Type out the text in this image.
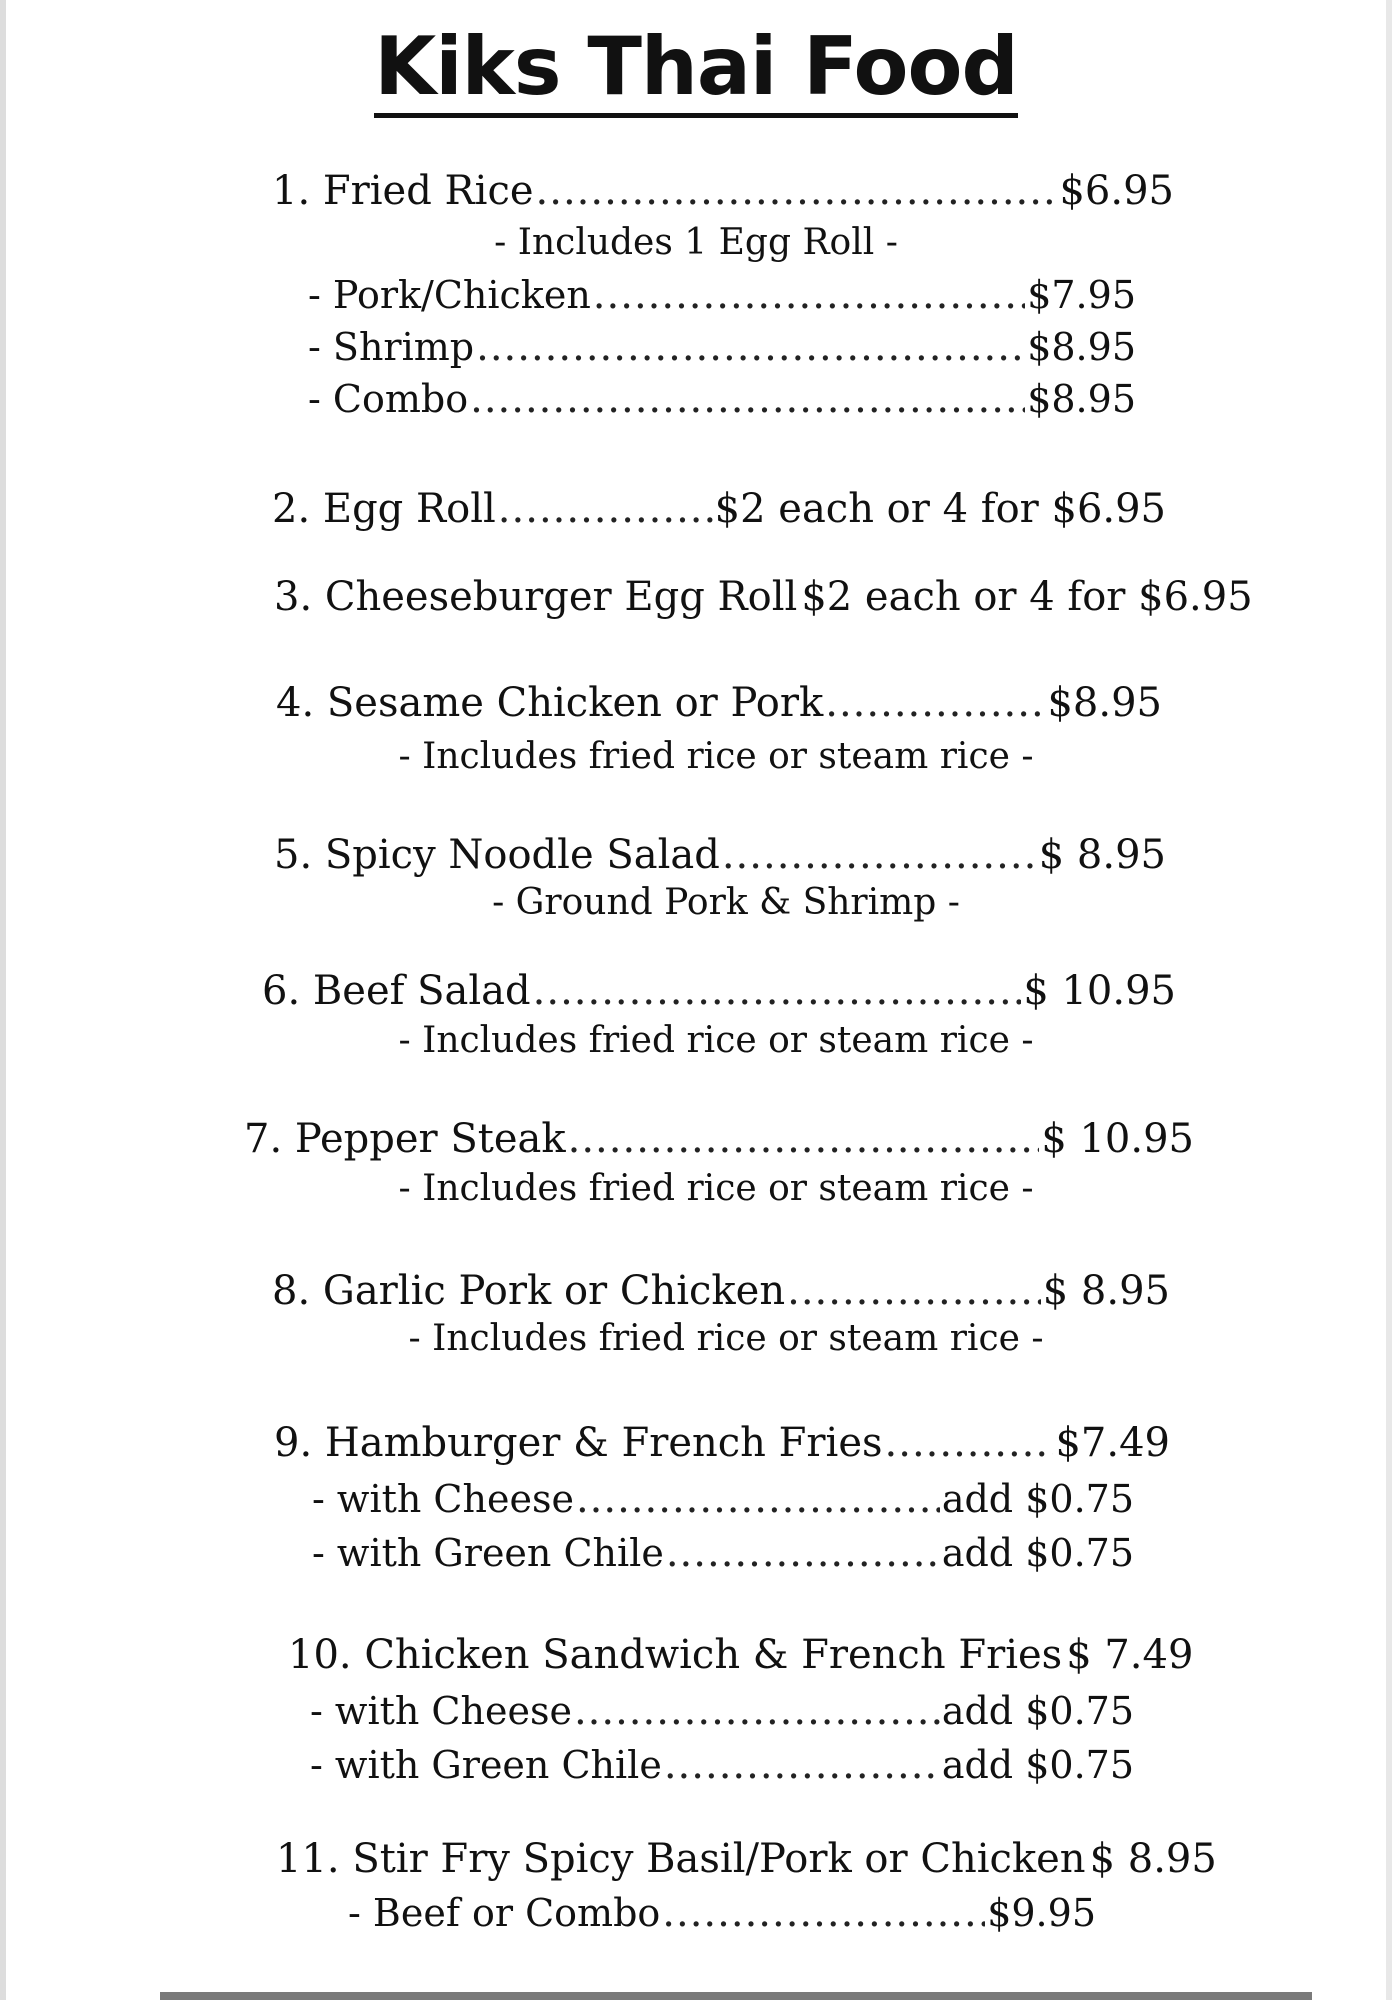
Kiks Thai Food
1. Fried Rice .....	$6.95
- Includes 1 Egg Roll -
- Pork/Chicken .....	$7.95
- Shrimp .....	$8.95
- Combo .....	$8.95
2. Egg Roll .....	$2 each or 4 for $6.95
3. Cheeseburger Egg Roll $2 each or 4 for $6.95
4. Sesame Chicken or Pork .....	$8.95
- Includes fried rice or steam rice -
5. Spicy Noodle Salad .....	$ 8.95
- Ground Pork & Shrimp -
6. Beef Salad .....	$ 10.95
- Includes fried rice or steam rice -
7. Pepper Steak .....	$ 10.95
- Includes fried rice or steam rice -
8. Garlic Pork or Chicken .....	$ 8.95
- Includes fried rice or steam rice -
9. Hamburger & French Fries .....	$7.49
- with Cheese .....	add $0.75
- with Green Chile .....	add $0.75
10. Chicken Sandwich & French Fries $ 7.49
- with Cheese .....	add $0.75
- with Green Chile .....	add $0.75
11. Stir Fry Spicy Basil/Pork or Chicken $ 8.95
- Beef or Combo .....	$9.95
